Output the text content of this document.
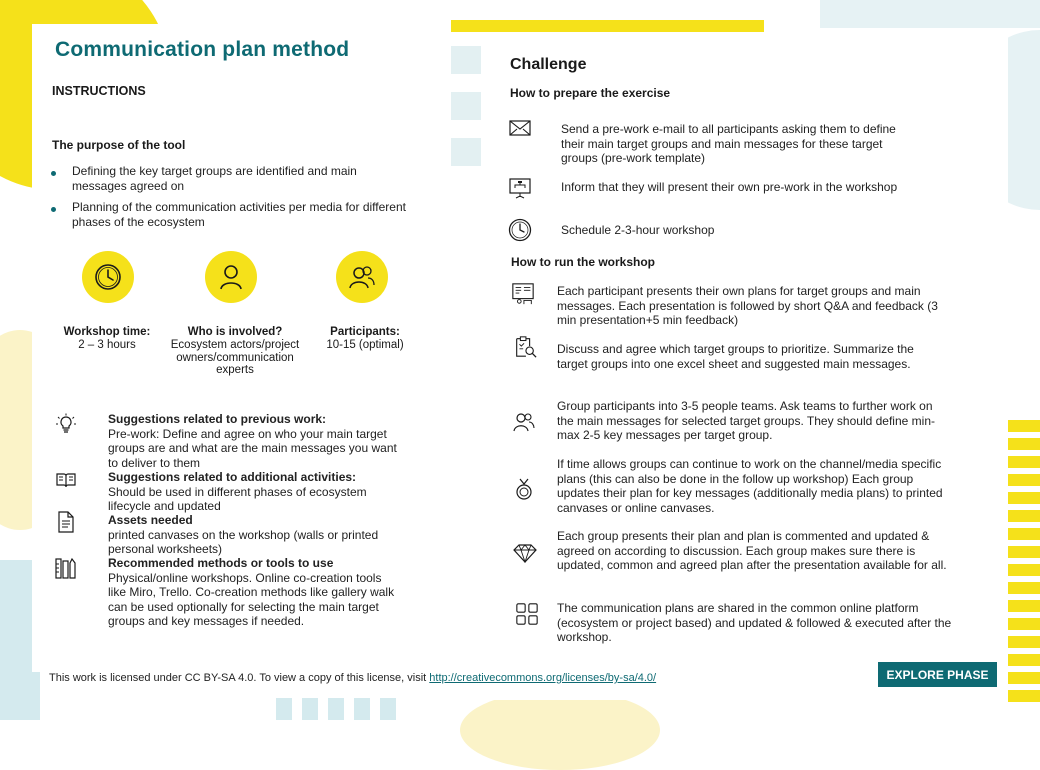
Communication plan method
INSTRUCTIONS
The purpose of the tool
Defining the key target groups are identified and main messages agreed on
Planning of the communication activities per media for different phases of the ecosystem
Workshop time:
2 – 3 hours
Who is involved?
Ecosystem actors/project owners/communication experts
Participants:
10-15 (optimal)
Suggestions related to previous work:
Pre-work: Define and agree on who your main target groups are and what are the main messages you want to deliver to them
Suggestions related to additional activities:
Should be used in different phases of ecosystem lifecycle and updated
Assets needed
printed canvases on the workshop (walls or printed personal worksheets)
Recommended methods or tools to use
Physical/online workshops. Online co-creation tools like Miro, Trello. Co-creation methods like gallery walk can be used optionally for selecting the main target groups and key messages if needed.
This work is licensed under CC BY-SA 4.0. To view a copy of this license, visit http://creativecommons.org/licenses/by-sa/4.0/
Challenge
How to prepare the exercise
Send a pre-work e-mail to all participants asking them to define their main target groups and main messages for these target groups (pre-work template)
Inform that they will present their own pre-work in the workshop
Schedule 2-3-hour workshop
How to run the workshop
Each participant presents their own plans for target groups and main messages. Each presentation is followed by short Q&A and feedback (3 min presentation+5 min feedback)
Discuss and agree which target groups to prioritize. Summarize the target groups into one excel sheet and suggested main messages.
Group participants into 3-5 people teams. Ask teams to further work on the main messages for selected target groups. They should define min-max 2-5 key messages per target group.
If time allows groups can continue to work on the channel/media specific plans (this can also be done in the follow up workshop) Each group updates their plan for key messages (additionally media plans) to printed canvases or online canvases.
Each group presents their plan and plan is commented and updated & agreed on according to discussion. Each group makes sure there is updated, common and agreed plan after the presentation available for all.
The communication plans are shared in the common online platform (ecosystem or project based) and updated & followed & executed after the workshop.
EXPLORE PHASE
